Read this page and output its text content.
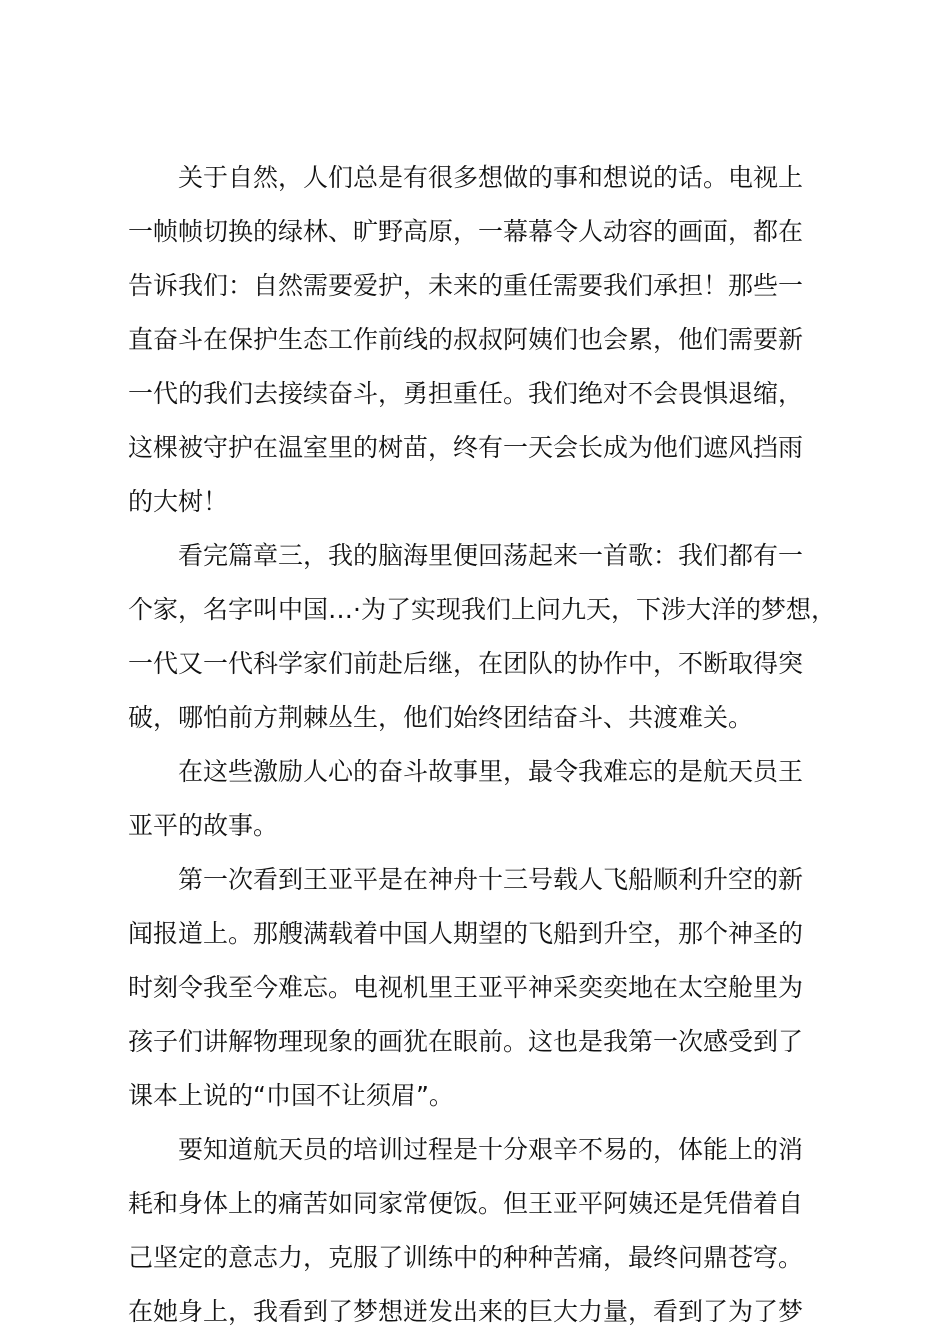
关于自然，人们总是有很多想做的事和想说的话。电视上
一帧帧切换的绿林、旷野高原，一幕幕令人动容的画面，都在
告诉我们：自然需要爱护，未来的重任需要我们承担！那些一
直奋斗在保护生态工作前线的叔叔阿姨们也会累，他们需要新
一代的我们去接续奋斗，勇担重任。我们绝对不会畏惧退缩，
这棵被守护在温室里的树苗，终有一天会长成为他们遮风挡雨
的大树！

看完篇章三，我的脑海里便回荡起来一首歌：我们都有一
个家，名字叫中国…·为了实现我们上问九天，下涉大洋的梦想，
一代又一代科学家们前赴后继，在团队的协作中，不断取得突
破，哪怕前方荆棘丛生，他们始终团结奋斗、共渡难关。

在这些激励人心的奋斗故事里，最令我难忘的是航天员王
亚平的故事。

第一次看到王亚平是在神舟十三号载人飞船顺利升空的新
闻报道上。那艘满载着中国人期望的飞船到升空，那个神圣的
时刻令我至今难忘。电视机里王亚平神采奕奕地在太空舱里为
孩子们讲解物理现象的画犹在眼前。这也是我第一次感受到了
课本上说的“巾国不让须眉”。

要知道航天员的培训过程是十分艰辛不易的，体能上的消
耗和身体上的痛苦如同家常便饭。但王亚平阿姨还是凭借着自
己坚定的意志力，克服了训练中的种种苦痛，最终问鼎苍穹。
在她身上，我看到了梦想迸发出来的巨大力量，看到了为了梦
